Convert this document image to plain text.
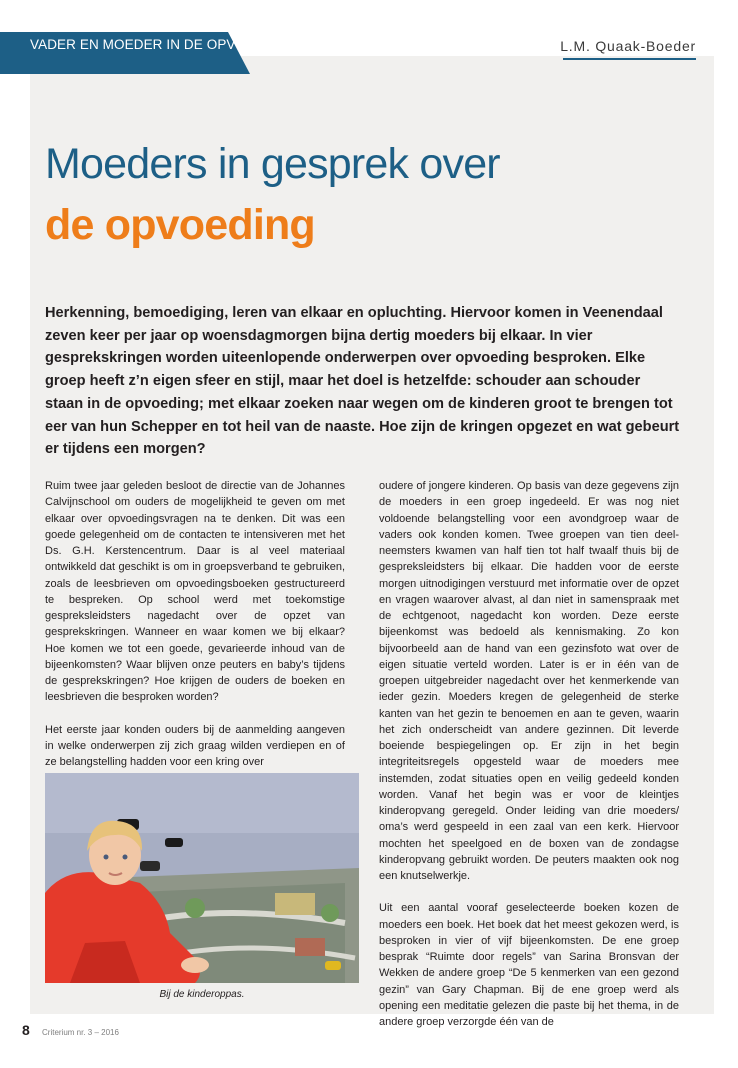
VADER EN MOEDER IN DE OPVOEDING	L.M. Quaak-Boeder
Moeders in gesprek over
de opvoeding

Herkenning, bemoediging, leren van elkaar en opluchting. Hiervoor komen in Veenendaal zeven keer per jaar op woensdagmorgen bijna dertig moeders bij elkaar. In vier gesprekskringen worden uiteenlopende onderwerpen over opvoeding besproken. Elke groep heeft z’n eigen sfeer en stijl, maar het doel is hetzelfde: schouder aan schouder staan in de opvoeding; met elkaar zoeken naar wegen om de kinderen groot te brengen tot eer van hun Schepper en tot heil van de naaste. Hoe zijn de kringen opgezet en wat gebeurt er tijdens een morgen?

Ruim twee jaar geleden besloot de directie van de Johannes Calvijnschool om ouders de mogelijkheid te geven om met elkaar over opvoedingsvragen na te denken. Dit was een goede gelegenheid om de contacten te intensiveren met het Ds. G.H. Kerstencentrum. Daar is al veel materiaal ontwikkeld dat geschikt is om in groepsverband te gebruiken, zoals de leesbrieven om opvoedingsboeken gestructureerd te bespreken. Op school werd met toekomstige gespreksleidsters nagedacht over de opzet van gesprekskringen. Wanneer en waar komen we bij elkaar? Hoe komen we tot een goede, gevarieerde inhoud van de bijeenkomsten? Waar blijven onze peuters en baby’s tijdens de gesprekskringen? Hoe krijgen de ouders de boeken en leesbrieven die besproken worden?

Het eerste jaar konden ouders bij de aanmelding aangeven in welke onderwerpen zij zich graag wilden verdiepen en of ze belangstelling hadden voor een kring over

Bij de kinderoppas.

oudere of jongere kinderen. Op basis van deze gegevens zijn de moeders in een groep ingedeeld. Er was nog niet voldoende belangstelling voor een avondgroep waar de vaders ook konden komen. Twee groepen van tien deelneemsters kwamen van half tien tot half twaalf thuis bij de gespreksleidsters bij elkaar. Die hadden voor de eerste morgen uitnodigingen verstuurd met informatie over de opzet en vragen waarover alvast, al dan niet in samenspraak met de echtgenoot, nagedacht kon worden. Deze eerste bijeenkomst was bedoeld als kennismaking. Zo kon bijvoorbeeld aan de hand van een gezinsfoto wat over de eigen situatie verteld worden. Later is er in één van de groepen uitgebreider nagedacht over het kenmerkende van ieder gezin. Moeders kregen de gelegenheid de sterke kanten van het gezin te benoemen en aan te geven, waarin het zich onderscheidt van andere gezinnen. Dit leverde boeiende bespiegelingen op. Er zijn in het begin integriteitsregels opgesteld waar de moeders mee instemden, zodat situaties open en veilig gedeeld konden worden. Vanaf het begin was er voor de kleintjes kinderopvang geregeld. Onder leiding van drie moeders/ oma’s werd gespeeld in een zaal van een kerk. Hiervoor mochten het speelgoed en de boxen van de zondagse kinderopvang gebruikt worden. De peuters maakten ook nog een knutselwerkje.

Uit een aantal vooraf geselecteerde boeken kozen de moeders een boek. Het boek dat het meest gekozen werd, is besproken in vier of vijf bijeenkomsten. De ene groep besprak “Ruimte door regels” van Sarina Bronsvan der Wekken de andere groep “De 5 kenmerken van een gezond gezin” van Gary Chapman. Bij de ene groep werd als opening een meditatie gelezen die paste bij het thema, in de andere groep verzorgde één van de

8 Criterium nr. 3 – 2016
